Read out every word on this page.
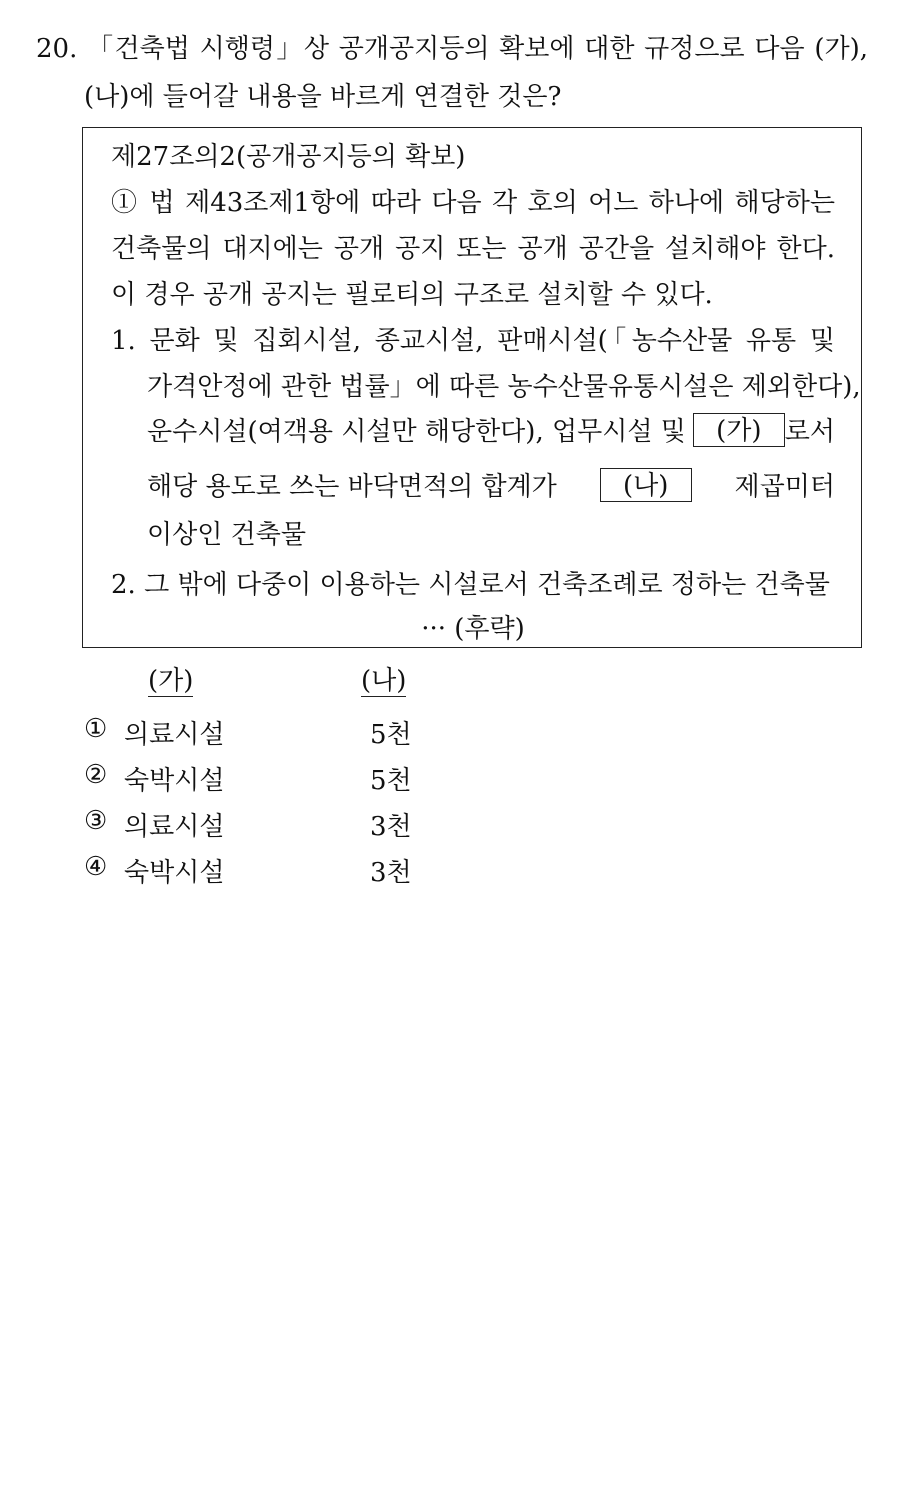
20. 「건축법 시행령」상 공개공지등의 확보에 대한 규정으로 다음 (가),
(나)에 들어갈 내용을 바르게 연결한 것은?
제27조의2(공개공지등의 확보)
① 법 제43조제1항에 따라 다음 각 호의 어느 하나에 해당하는
건축물의 대지에는 공개 공지 또는 공개 공간을 설치해야 한다.
이 경우 공개 공지는 필로티의 구조로 설치할 수 있다.
1. 문화 및 집회시설, 종교시설, 판매시설(「농수산물 유통 및
가격안정에 관한 법률」에 따른 농수산물유통시설은 제외한다),
운수시설(여객용 시설만 해당한다), 업무시설 및	(가) 로서
해당 용도로 쓰는 바닥면적의 합계가	(나)	제곱미터
이상인 건축물
2. 그 밖에 다중이 이용하는 시설로서 건축조례로 정하는 건축물
··· (후략)
(가)	(나)
① 의료시설	5천
② 숙박시설	5천
③ 의료시설	3천
④ 숙박시설	3천
